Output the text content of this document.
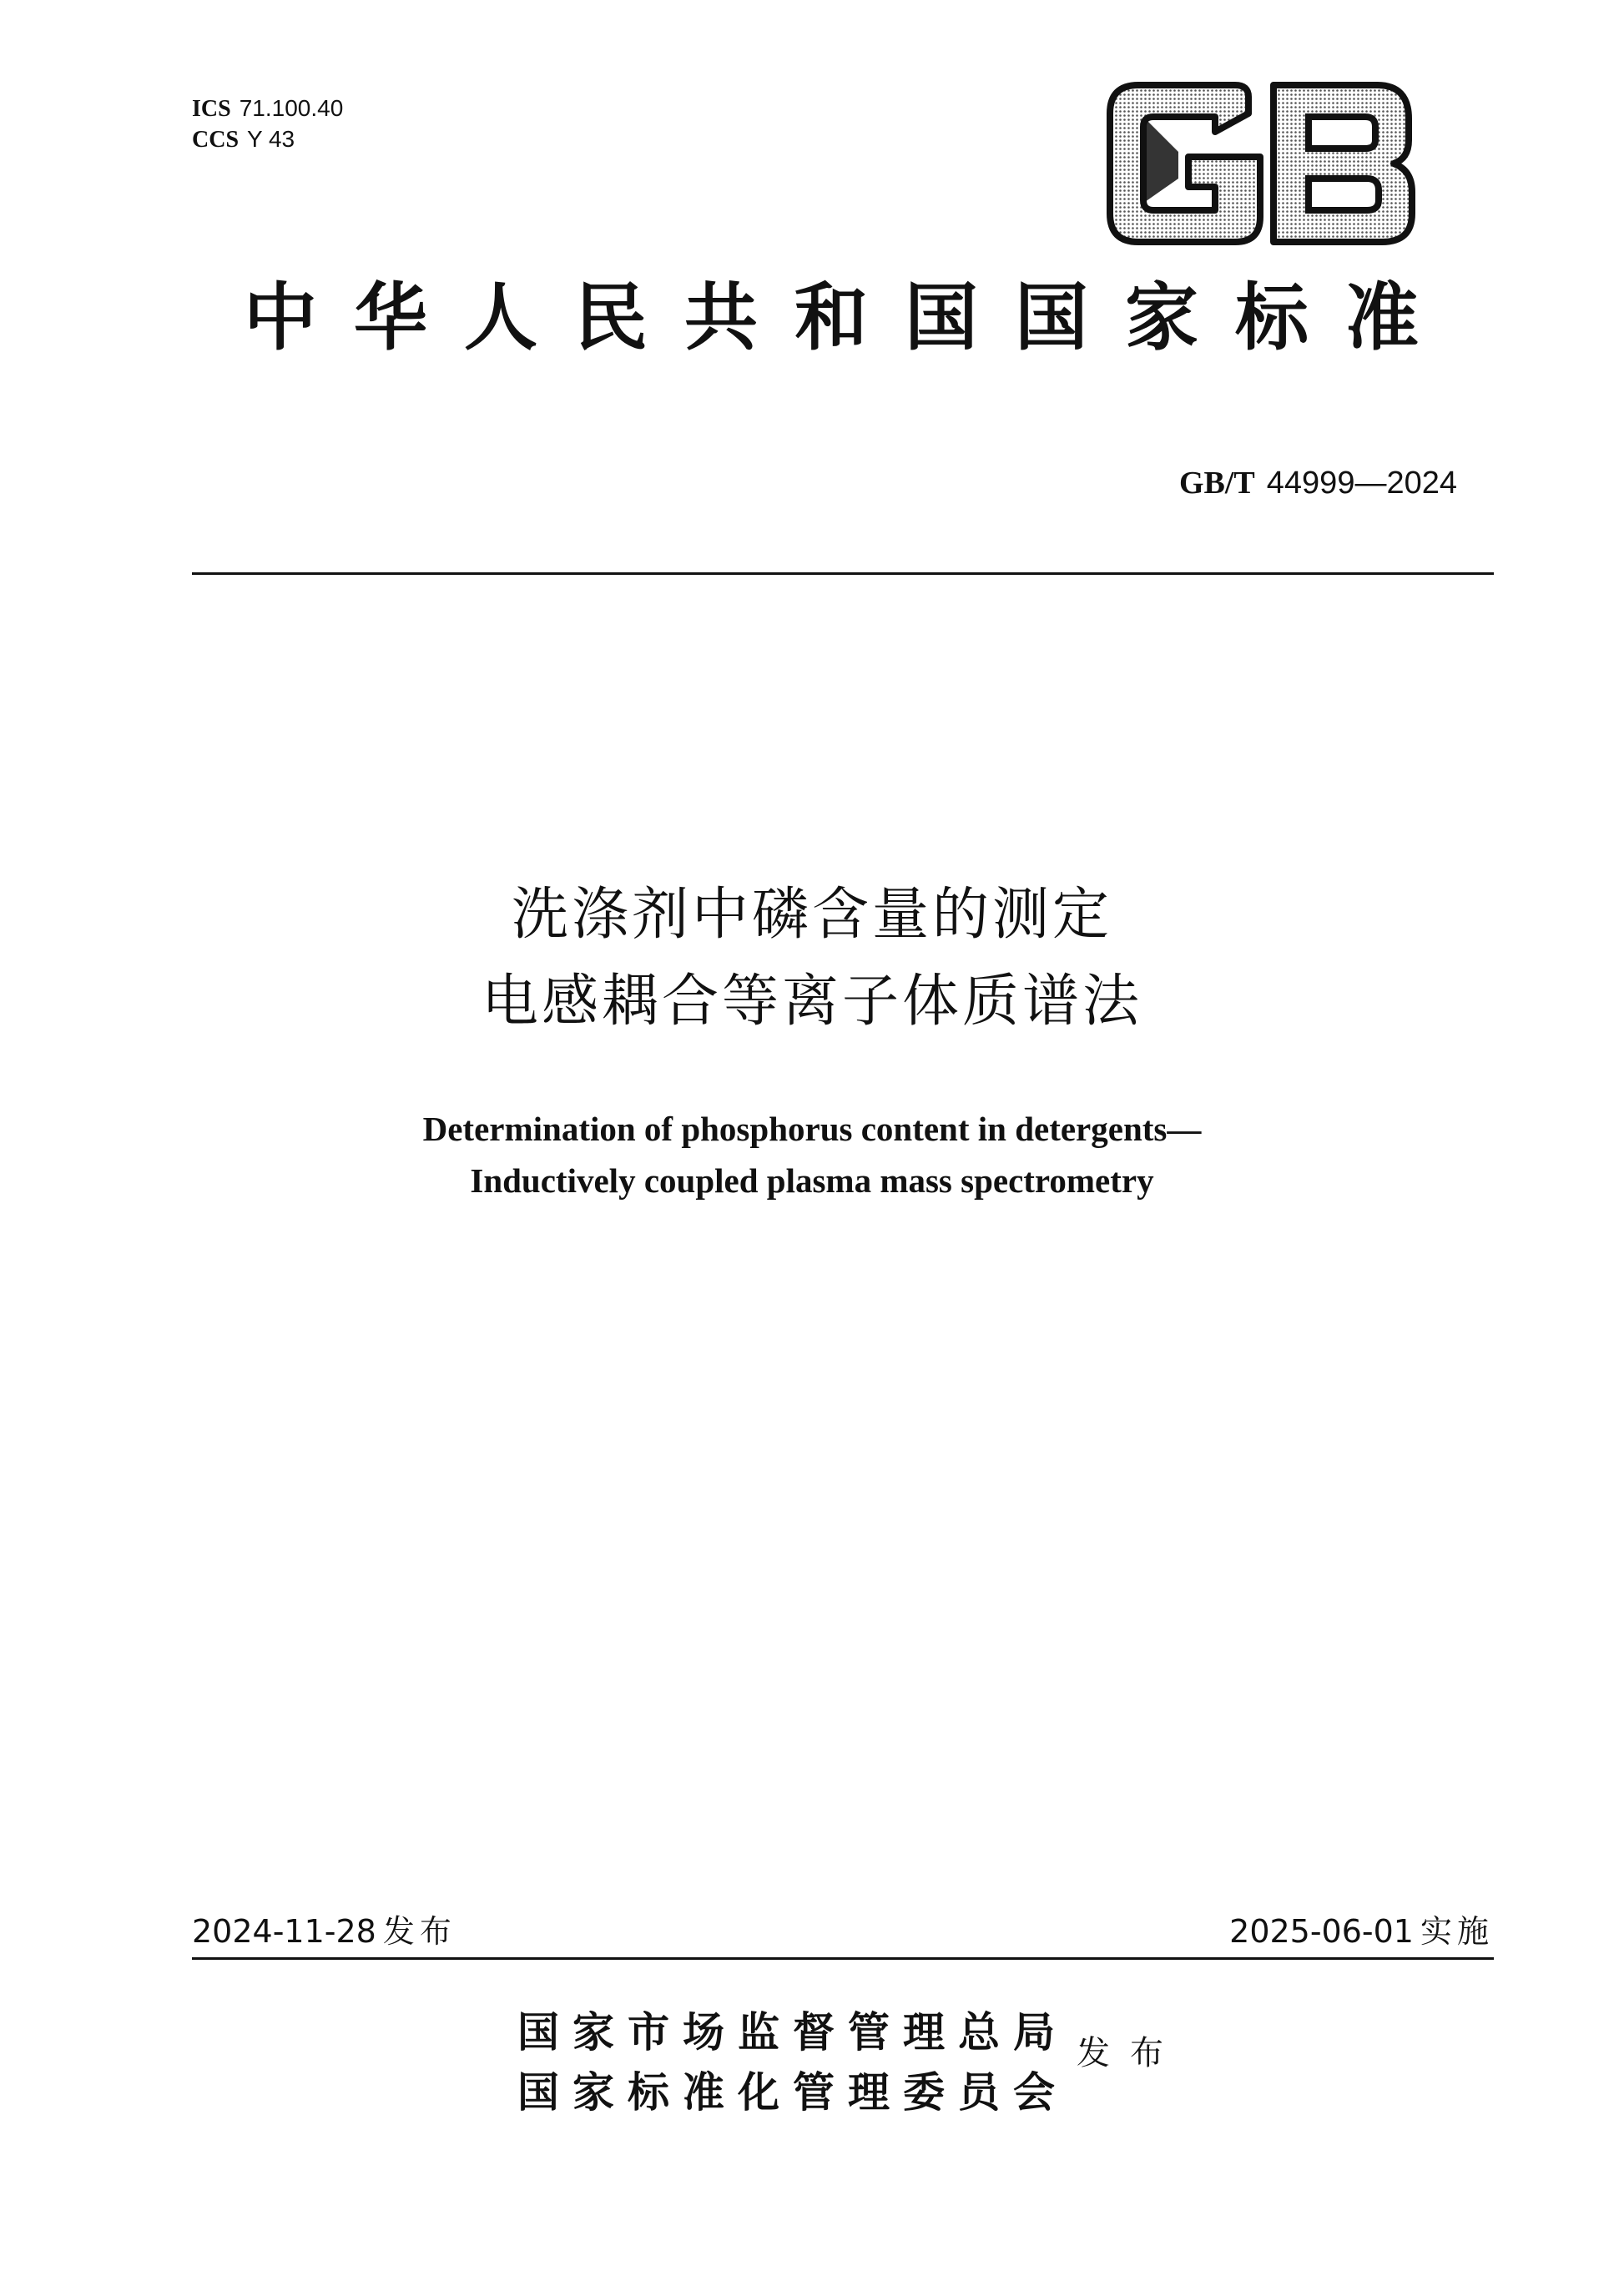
ICS 71.100.40
CCS Y 43
中华人民共和国国家标准
GB/T 44999—2024
洗涤剂中磷含量的测定
电感耦合等离子体质谱法
Determination of phosphorus content in detergents—
Inductively coupled plasma mass spectrometry
2024-11-28 发布	2025-06-01 实施
国家市场监督管理总局
国家标准化管理委员会
发布
